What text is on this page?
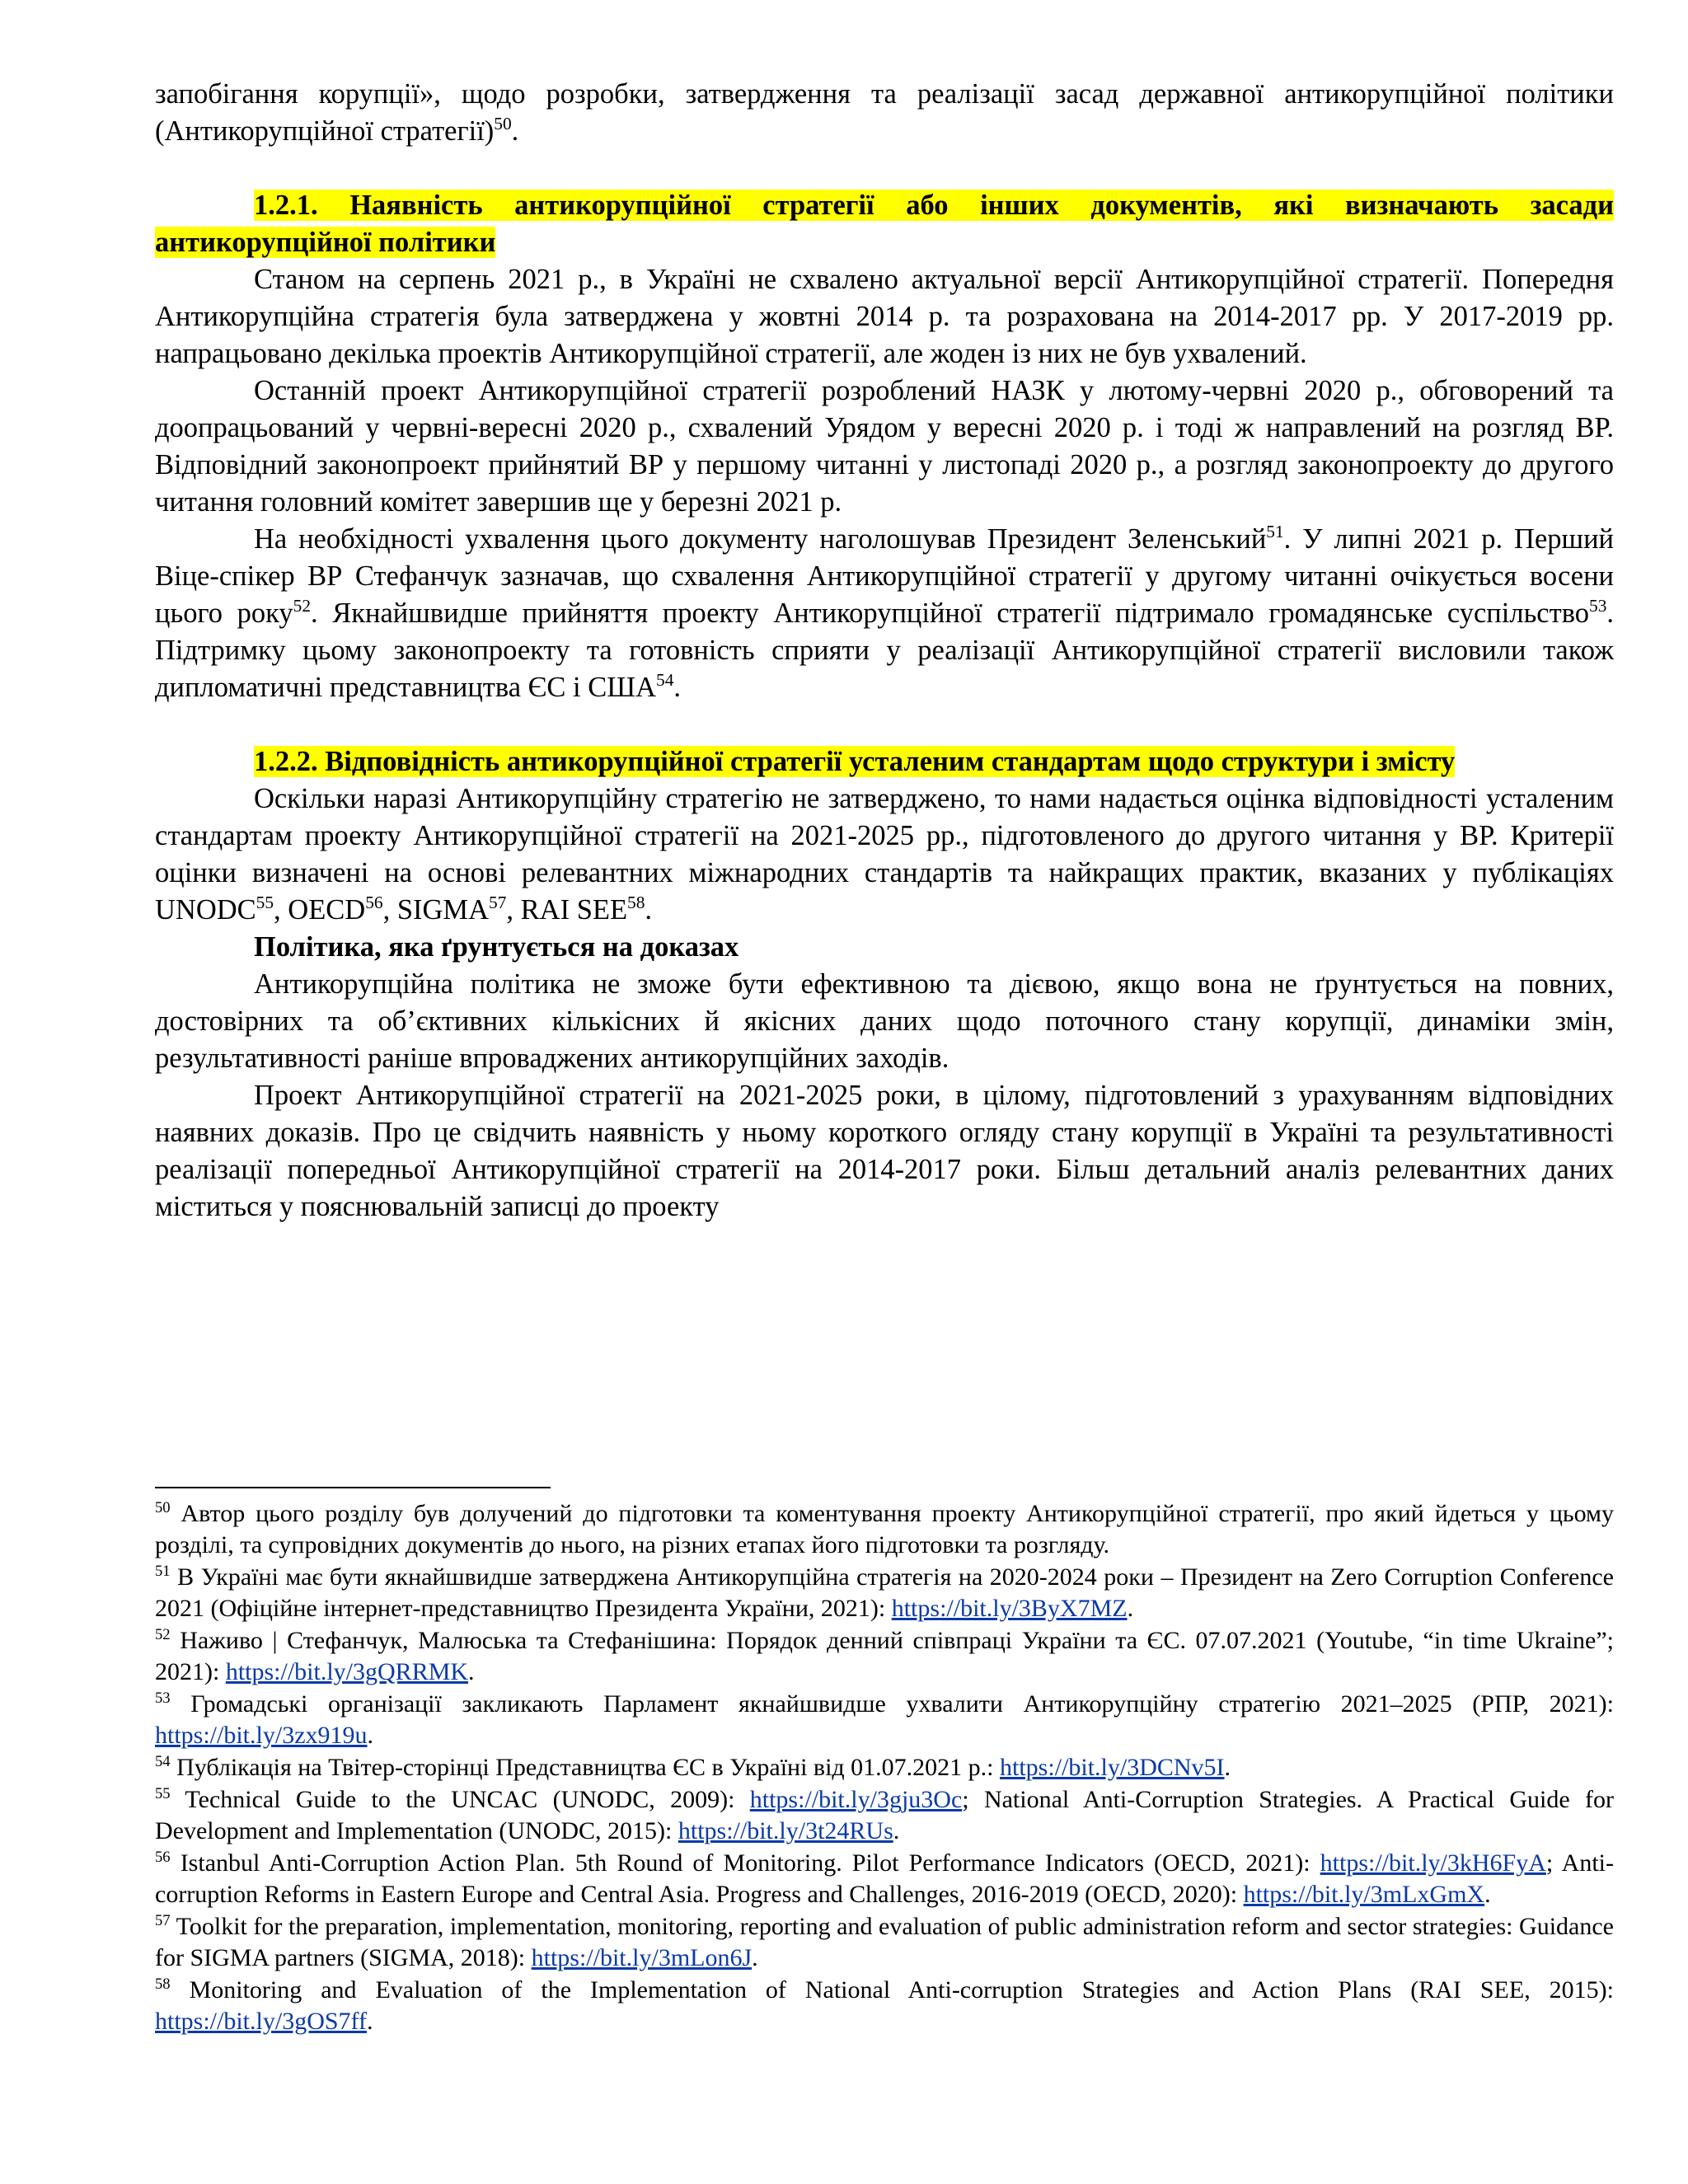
запобігання корупції», щодо розробки, затвердження та реалізації засад державної антикорупційної політики (Антикорупційної стратегії)$^{50}$.

1.2.1. Наявність антикорупційної стратегії або інших документів, які визначають засади антикорупційної політики

Станом на серпень 2021 р., в Україні не схвалено актуальної версії Антикорупційної стратегії. Попередня Антикорупційна стратегія була затверджена у жовтні 2014 р. та розрахована на 2014-2017 рр. У 2017-2019 рр. напрацьовано декілька проектів Антикорупційної стратегії, але жоден із них не був ухвалений.

Останній проект Антикорупційної стратегії розроблений НАЗК у лютому-червні 2020 р., обговорений та доопрацьований у червні-вересні 2020 р., схвалений Урядом у вересні 2020 р. і тоді ж направлений на розгляд ВР. Відповідний законопроект прийнятий ВР у першому читанні у листопаді 2020 р., а розгляд законопроекту до другого читання головний комітет завершив ще у березні 2021 р.

На необхідності ухвалення цього документу наголошував Президент Зеленський$^{51}$. У липні 2021 р. Перший Віце-спікер ВР Стефанчук зазначав, що схвалення Антикорупційної стратегії у другому читанні очікується восени цього року$^{52}$. Якнайшвидше прийняття проекту Антикорупційної стратегії підтримало громадянське суспільство$^{53}$. Підтримку цьому законопроекту та готовність сприяти у реалізації Антикорупційної стратегії висловили також дипломатичні представництва ЄС і США$^{54}$.

1.2.2. Відповідність антикорупційної стратегії усталеним стандартам щодо структури і змісту

Оскільки наразі Антикорупційну стратегію не затверджено, то нами надається оцінка відповідності усталеним стандартам проекту Антикорупційної стратегії на 2021-2025 рр., підготовленого до другого читання у ВР. Критерії оцінки визначені на основі релевантних міжнародних стандартів та найкращих практик, вказаних у публікаціях UNODC$^{55}$, OECD$^{56}$, SIGMA$^{57}$, RAI SEE$^{58}$.

Політика, яка ґрунтується на доказах

Антикорупційна політика не зможе бути ефективною та дієвою, якщо вона не ґрунтується на повних, достовірних та об’єктивних кількісних й якісних даних щодо поточного стану корупції, динаміки змін, результативності раніше впроваджених антикорупційних заходів.

Проект Антикорупційної стратегії на 2021-2025 роки, в цілому, підготовлений з урахуванням відповідних наявних доказів. Про це свідчить наявність у ньому короткого огляду стану корупції в Україні та результативності реалізації попередньої Антикорупційної стратегії на 2014-2017 роки. Більш детальний аналіз релевантних даних міститься у пояснювальній записці до проекту

$^{50}$ Автор цього розділу був долучений до підготовки та коментування проекту Антикорупційної стратегії, про який йдеться у цьому розділі, та супровідних документів до нього, на різних етапах його підготовки та розгляду.

$^{51}$ В Україні має бути якнайшвидше затверджена Антикорупційна стратегія на 2020-2024 роки – Президент на Zero Corruption Conference 2021 (Офіційне інтернет-представництво Президента України, 2021): https://bit.ly/3ByX7MZ.

$^{52}$ Наживо | Стефанчук, Малюська та Стефанішина: Порядок денний співпраці України та ЄС. 07.07.2021 (Youtube, “in time Ukraine”; 2021): https://bit.ly/3gQRRMK.

$^{53}$ Громадські організації закликають Парламент якнайшвидше ухвалити Антикорупційну стратегію 2021–2025 (РПР, 2021): https://bit.ly/3zx919u.

$^{54}$ Публікація на Твітер-сторінці Представництва ЄС в Україні від 01.07.2021 р.: https://bit.ly/3DCNv5I.

$^{55}$ Technical Guide to the UNCAC (UNODC, 2009): https://bit.ly/3gju3Oc; National Anti-Corruption Strategies. A Practical Guide for Development and Implementation (UNODC, 2015): https://bit.ly/3t24RUs.

$^{56}$ Istanbul Anti-Corruption Action Plan. 5th Round of Monitoring. Pilot Performance Indicators (OECD, 2021): https://bit.ly/3kH6FyA; Anti-corruption Reforms in Eastern Europe and Central Asia. Progress and Challenges, 2016-2019 (OECD, 2020): https://bit.ly/3mLxGmX.

$^{57}$ Toolkit for the preparation, implementation, monitoring, reporting and evaluation of public administration reform and sector strategies: Guidance for SIGMA partners (SIGMA, 2018): https://bit.ly/3mLon6J.

$^{58}$ Monitoring and Evaluation of the Implementation of National Anti-corruption Strategies and Action Plans (RAI SEE, 2015): https://bit.ly/3gOS7ff.
